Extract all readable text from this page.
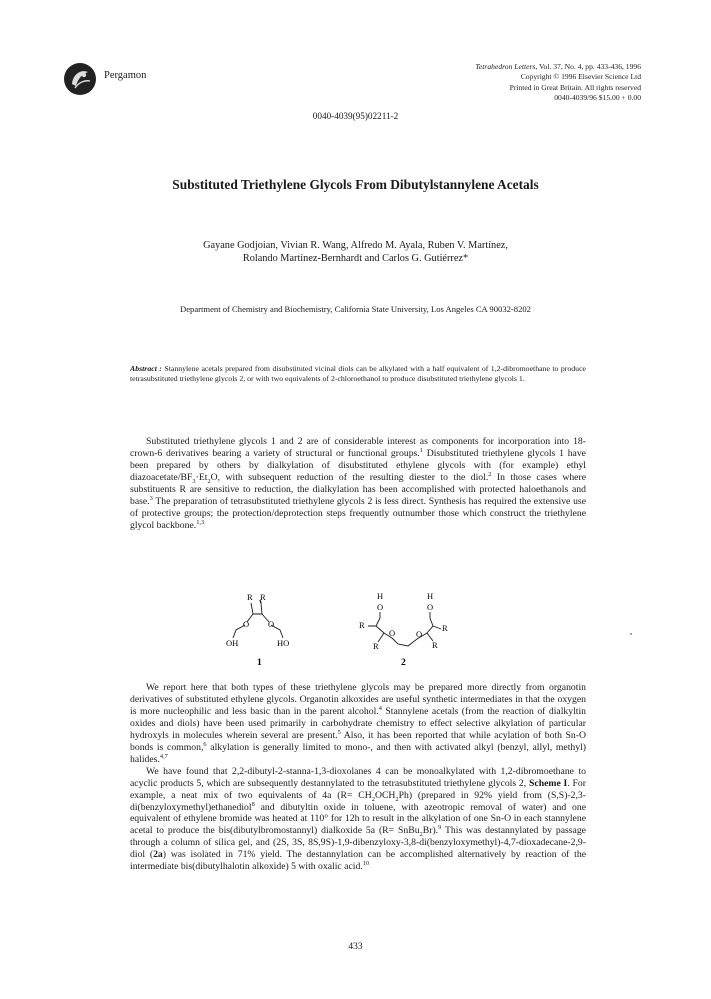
Pergamon
Tetrahedron Letters, Vol. 37, No. 4, pp. 433-436, 1996
Copyright © 1996 Elsevier Science Ltd
Printed in Great Britain. All rights reserved
0040-4039/96 $15.00 + 0.00
0040-4039(95)02211-2
Substituted Triethylene Glycols From Dibutylstannylene Acetals
Gayane Godjoian, Vivian R. Wang, Alfredo M. Ayala, Ruben V. Martínez,
Rolando Martínez-Bernhardt and Carlos G. Gutiérrez*
Department of Chemistry and Biochemistry, California State University, Los Angeles CA 90032-8202
Abstract : Stannylene acetals prepared from disubstituted vicinal diols can be alkylated with a half equivalent of 1,2-dibromoethane to produce tetrasubstituted triethylene glycols 2, or with two equivalents of 2-chloroethanol to produce disubstituted triethylene glycols 1.

Substituted triethylene glycols 1 and 2 are of considerable interest as components for incorporation into 18-crown-6 derivatives bearing a variety of structural or functional groups.$^1$ Disubstituted triethylene glycols 1 have been prepared by others by dialkylation of disubstituted ethylene glycols with (for example) ethyl diazoacetate/$BF_3\cdot Et_2O$, with subsequent reduction of the resulting diester to the diol.$^2$ In those cases where substituents R are sensitive to reduction, the dialkylation has been accomplished with protected haloethanols and base.$^3$ The preparation of tetrasubstituted triethylene glycols 2 is less direct. Synthesis has required the extensive use of protective groups; the protection/deprotection steps frequently outnumber those which construct the triethylene glycol backbone.$^{1,3}$

R R
O O
OH	HO
1
H	H
O	O
R	R
R	R
O O
2

We report here that both types of these triethylene glycols may be prepared more directly from organotin derivatives of substituted ethylene glycols. Organotin alkoxides are useful synthetic intermediates in that the oxygen is more nucleophilic and less basic than in the parent alcohol.$^4$ Stannylene acetals (from the reaction of dialkyltin oxides and diols) have been used primarily in carbohydrate chemistry to effect selective alkylation of particular hydroxyls in molecules wherein several are present.$^5$ Also, it has been reported that while acylation of both Sn-O bonds is common,$^6$ alkylation is generally limited to mono-, and then with activated alkyl (benzyl, allyl, methyl) halides.$^{4,7}$

We have found that 2,2-dibutyl-2-stanna-1,3-dioxolanes 4 can be monoalkylated with 1,2-dibromoethane to acyclic products 5, which are subsequently destannylated to the tetrasubstituted triethylene glycols 2, Scheme I. For example, a neat mix of two equivalents of 4a $(R= CH_2OCH_2Ph)$ (prepared in 92% yield from (S,S)-2,3-di(benzyloxymethyl)ethanediol$^8$ and dibutyltin oxide in toluene, with azeotropic removal of water) and one equivalent of ethylene bromide was heated at 110° for 12h to result in the alkylation of one Sn-O in each stannylene acetal to produce the bis(dibutylbromostannyl) dialkoxide 5a (R= SnBu$_2$Br).$^9$ This was destannylated by passage through a column of silica gel, and (2S, 3S, 8S,9S)-1,9-dibenzyloxy-3,8-di(benzyloxymethyl)-4,7-dioxadecane-2,9-diol (2a) was isolated in 71% yield. The destannylation can be accomplished alternatively by reaction of the intermediate bis(dibutylhalotin alkoxide) 5 with oxalic acid.$^{10}$

433
